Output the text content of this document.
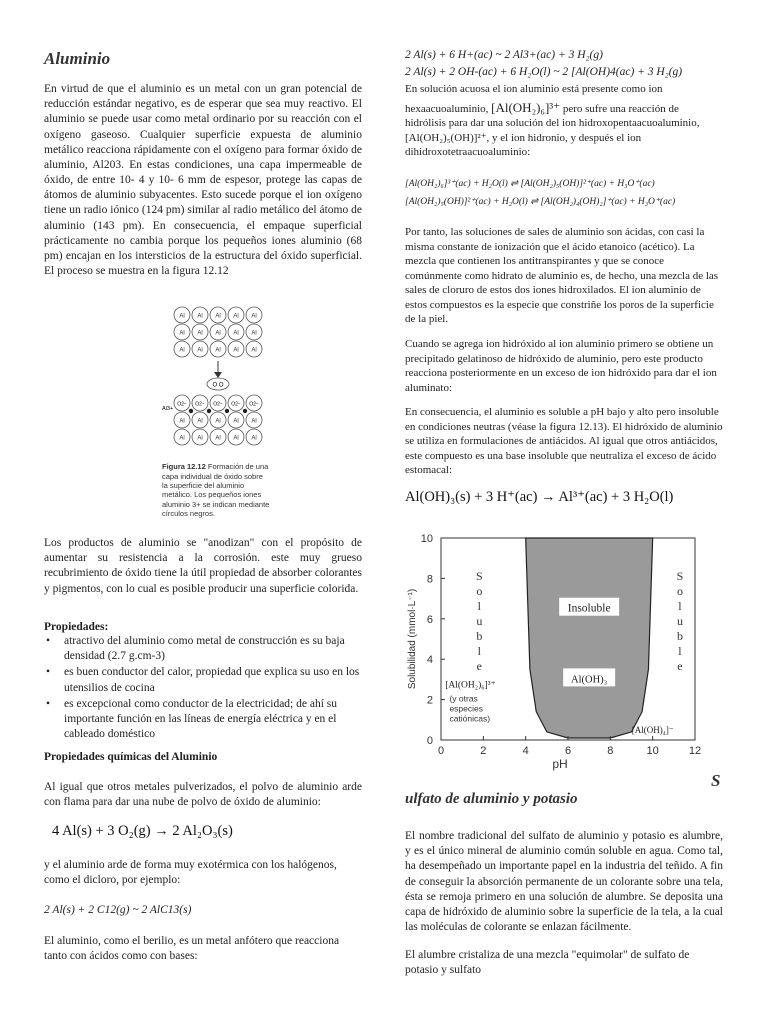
Aluminio
En virtud de que el aluminio es un metal con un gran potencial de reducción estándar negativo, es de esperar que sea muy reactivo. El aluminio se puede usar como metal ordinario por su reacción con el oxígeno gaseoso. Cualquier superficie expuesta de aluminio metálico reacciona rápidamente con el oxígeno para formar óxido de aluminio, Al203. En estas condiciones, una capa impermeable de óxido, de entre 10- 4 y 10- 6 mm de espesor, protege las capas de átomos de aluminio subyacentes. Esto sucede porque el ion oxígeno tiene un radio iónico (124 pm) similar al radio metálico del átomo de aluminio (143 pm). En consecuencia, el empaque superficial prácticamente no cambia porque los pequeños iones aluminio (68 pm) encajan en los intersticios de la estructura del óxido superficial. El proceso se muestra en la figura 12.12
Al Al Al Al Al
Al Al Al Al Al
Al Al Al Al Al
O O
O2− O2− O2− O2− O2−
Al3+
Al Al Al Al Al
Al Al Al Al Al
Figura 12.12 Formación de una capa individual de óxido sobre la superficie del aluminio metálico. Los pequeños iones aluminio 3+ se indican mediante círculos negros.
Los productos de aluminio se "anodizan" con el propósito de aumentar su resistencia a la corrosión. este muy grueso recubrimiento de óxido tiene la útil propiedad de absorber colorantes y pigmentos, con lo cual es posible producir una superficie colorida.
Propiedades:
• atractivo del aluminio como metal de construcción es su baja densidad (2.7 g.cm-3)
• es buen conductor del calor, propiedad que explica su uso en los utensilios de cocina
• es excepcional como conductor de la electricidad; de ahí su importante función en las líneas de energía eléctrica y en el cableado doméstico
Propiedades químicas del Aluminio
Al igual que otros metales pulverizados, el polvo de aluminio arde con flama para dar una nube de polvo de óxido de aluminio:
4 Al(s) + 3 O₂(g) → 2 Al₂O₃(s)
y el aluminio arde de forma muy exotérmica con los halógenos, como el dicloro, por ejemplo:
2 Al(s) + 2 C12(g) ~ 2 AlC13(s)
El aluminio, como el berilio, es un metal anfótero que reacciona tanto con ácidos como con bases:
2 Al(s) + 6 H+(ac) ~ 2 Al3+(ac) + 3 H₂(g)
2 Al(s) + 2 OH-(ac) + 6 H₂O(l) ~ 2 [Al(OH)4(ac) + 3 H₂(g)
En solución acuosa el ion aluminio está presente como ion
hexaacuoaluminio, [Al(OH₂)₆]³⁺ pero sufre una reacción de
hidrólisis para dar una solución del ion hidroxopentaacuoaluminio, [Al(OH₂)₅(OH)]²⁺, y el ion hidronio, y después el ion dihidroxotetraacuoaluminio:
[Al(OH₂)₆]³⁺(ac) + H₂O(l) ⇌ [Al(OH₂)₅(OH)]²⁺(ac) + H₃O⁺(ac)
[Al(OH₂)₅(OH)]²⁺(ac) + H₂O(l) ⇌ [Al(OH₂)₄(OH)₂]⁺(ac) + H₃O⁺(ac)
Por tanto, las soluciones de sales de aluminio son ácidas, con casi la misma constante de ionización que el ácido etanoico (acético). La mezcla que contienen los antitranspirantes y que se conoce comúnmente como hidrato de aluminio es, de hecho, una mezcla de las sales de cloruro de estos dos iones hidroxilados. El ion aluminio de estos compuestos es la especie que constriñe los poros de la superficie de la piel.
Cuando se agrega ion hidróxido al ion aluminio primero se obtiene un precipitado gelatinoso de hidróxido de aluminio, pero este producto reacciona posteriormente en un exceso de ion hidróxido para dar el ion aluminato:
En consecuencia, el aluminio es soluble a pH bajo y alto pero insoluble en condiciones neutras (véase la figura 12.13). El hidróxido de aluminio se utiliza en formulaciones de antiácidos. Al igual que otros antiácidos, este compuesto es una base insoluble que neutraliza el exceso de ácido estomacal:
Al(OH)₃(s) + 3 H⁺(ac) → Al³⁺(ac) + 3 H₂O(l)
0	2	4	6	8	10	12
0
2
4
6
8
10
pH
Solubilidad (mmol·L⁻¹)
S
o
l
u
b
l
e
S
o
l
u
b
l
e
Insoluble
Al(OH)₃
[Al(OH₂)₆]³⁺
(y otras especies catiónicas)
[Al(OH)₄]⁻
ulfato de aluminio y potasio
El nombre tradicional del sulfato de aluminio y potasio es alumbre, y es el único mineral de aluminio común soluble en agua. Como tal, ha desempeñado un importante papel en la industria del teñido. A fin de conseguir la absorción permanente de un colorante sobre una tela, ésta se remoja primero en una solución de alumbre. Se deposita una capa de hidróxido de aluminio sobre la superficie de la tela, a la cual las moléculas de colorante se enlazan fácilmente.
El alumbre cristaliza de una mezcla "equimolar" de sulfato de potasio y sulfato
S
